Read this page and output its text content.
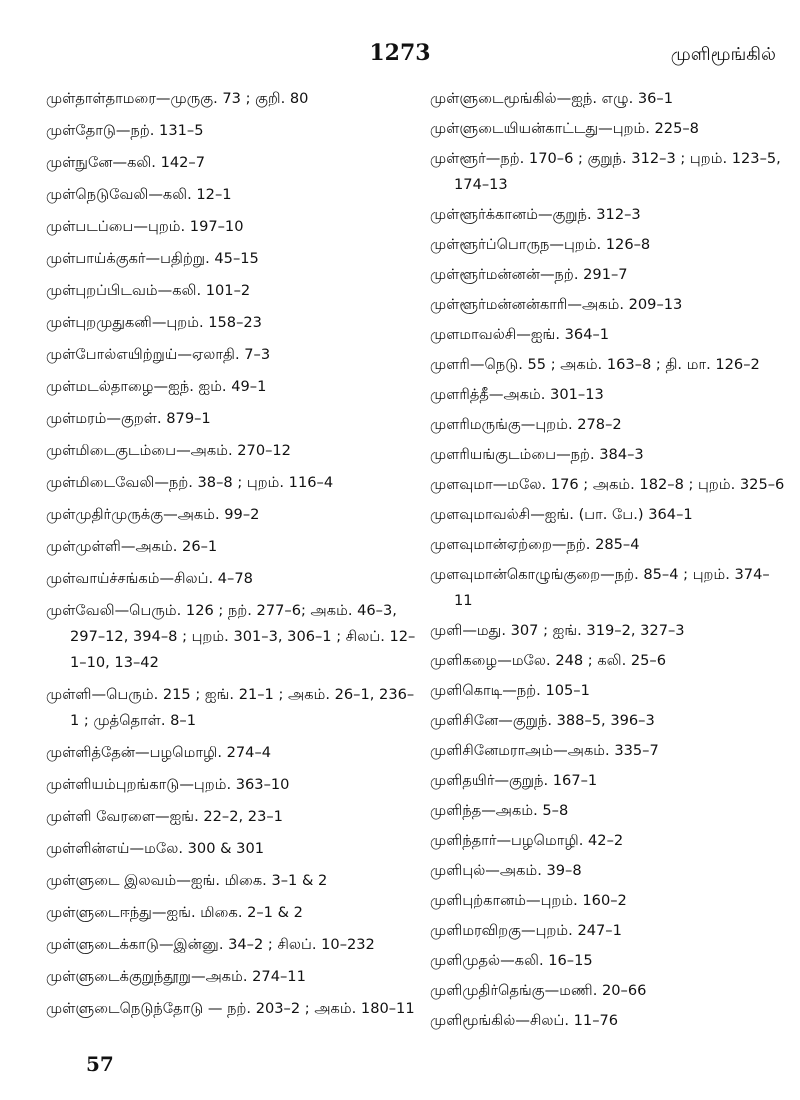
1273	முளிமூங்கில்
முள்தாள்தாமரை—முருகு. 73 ; குறி. 80
முள்தோடு—நற். 131–5
முள்நுனே—கலி. 142–7
முள்நெடுவேலி—கலி. 12–1
முள்படப்பை—புறம். 197–10
முள்பாய்க்குகர்—பதிற்று. 45–15
முள்புறப்பிடவம்—கலி. 101–2
முள்புறமுதுகனி—புறம். 158–23
முள்போல்எயிற்றுய்—ஏலாதி. 7–3
முள்மடல்தாழை—ஐந். ஐம். 49–1
முள்மரம்—குறள். 879–1
முள்மிடைகுடம்பை—அகம். 270–12
முள்மிடைவேலி—நற். 38–8 ; புறம். 116–4
முள்முதிர்முருக்கு—அகம். 99–2
முள்முள்ளி—அகம். 26–1
முள்வாய்ச்சங்கம்—சிலப். 4–78
முள்வேலி—பெரும். 126 ; நற். 277–6; அகம். 46–3, 297–12, 394–8 ; புறம். 301–3, 306–1 ; சிலப். 12–1–10, 13–42
முள்ளி—பெரும். 215 ; ஐங். 21–1 ; அகம். 26–1, 236–1 ; முத்தொள். 8–1
முள்ளித்தேன்—பழமொழி. 274–4
முள்ளியம்புறங்காடு—புறம். 363–10
முள்ளி வேரளை—ஐங். 22–2, 23–1
முள்ளின்எய்—மலே. 300 & 301
முள்ளுடை இலவம்—ஐங். மிகை. 3–1 & 2
முள்ளுடைஈந்து—ஐங். மிகை. 2–1 & 2
முள்ளுடைக்காடு—இன்னு. 34–2 ; சிலப். 10–232
முள்ளுடைக்குறுந்தூறு—அகம். 274–11
முள்ளுடைநெடுந்தோடு — நற். 203–2 ; அகம். 180–11
முள்ளுடைமூங்கில்—ஐந். எழு. 36–1
முள்ளுடையியன்காட்டது—புறம். 225–8
முள்ளூர்—நற். 170–6 ; குறுந். 312–3 ; புறம். 123–5, 174–13
முள்ளூர்க்கானம்—குறுந். 312–3
முள்ளூர்ப்பொருந—புறம். 126–8
முள்ளூர்மன்னன்—நற். 291–7
முள்ளூர்மன்னன்காரி—அகம். 209–13
முளமாவல்சி—ஐங். 364–1
முளரி—நெடு. 55 ; அகம். 163–8 ; தி. மா. 126–2
முளரித்தீ—அகம். 301–13
முளரிமருங்கு—புறம். 278–2
முளரியங்குடம்பை—நற். 384–3
முளவுமா—மலே. 176 ; அகம். 182–8 ; புறம். 325–6
முளவுமாவல்சி—ஐங். (பா. பே.) 364–1
முளவுமான்ஏற்றை—நற். 285–4
முளவுமான்கொழுங்குறை—நற். 85–4 ; புறம். 374–11
முளி—மது. 307 ; ஐங். 319–2, 327–3
முளிகழை—மலே. 248 ; கலி. 25–6
முளிகொடி—நற். 105–1
முளிசினே—குறுந். 388–5, 396–3
முளிசினேமராஅம்—அகம். 335–7
முளிதயிர்—குறுந். 167–1
முளிந்த—அகம். 5–8
முளிந்தார்—பழமொழி. 42–2
முளிபுல்—அகம். 39–8
முளிபுற்கானம்—புறம். 160–2
முளிமரவிறகு—புறம். 247–1
முளிமுதல்—கலி. 16–15
முளிமுதிர்தெங்கு—மணி. 20–66
முளிமூங்கில்—சிலப். 11–76
57
